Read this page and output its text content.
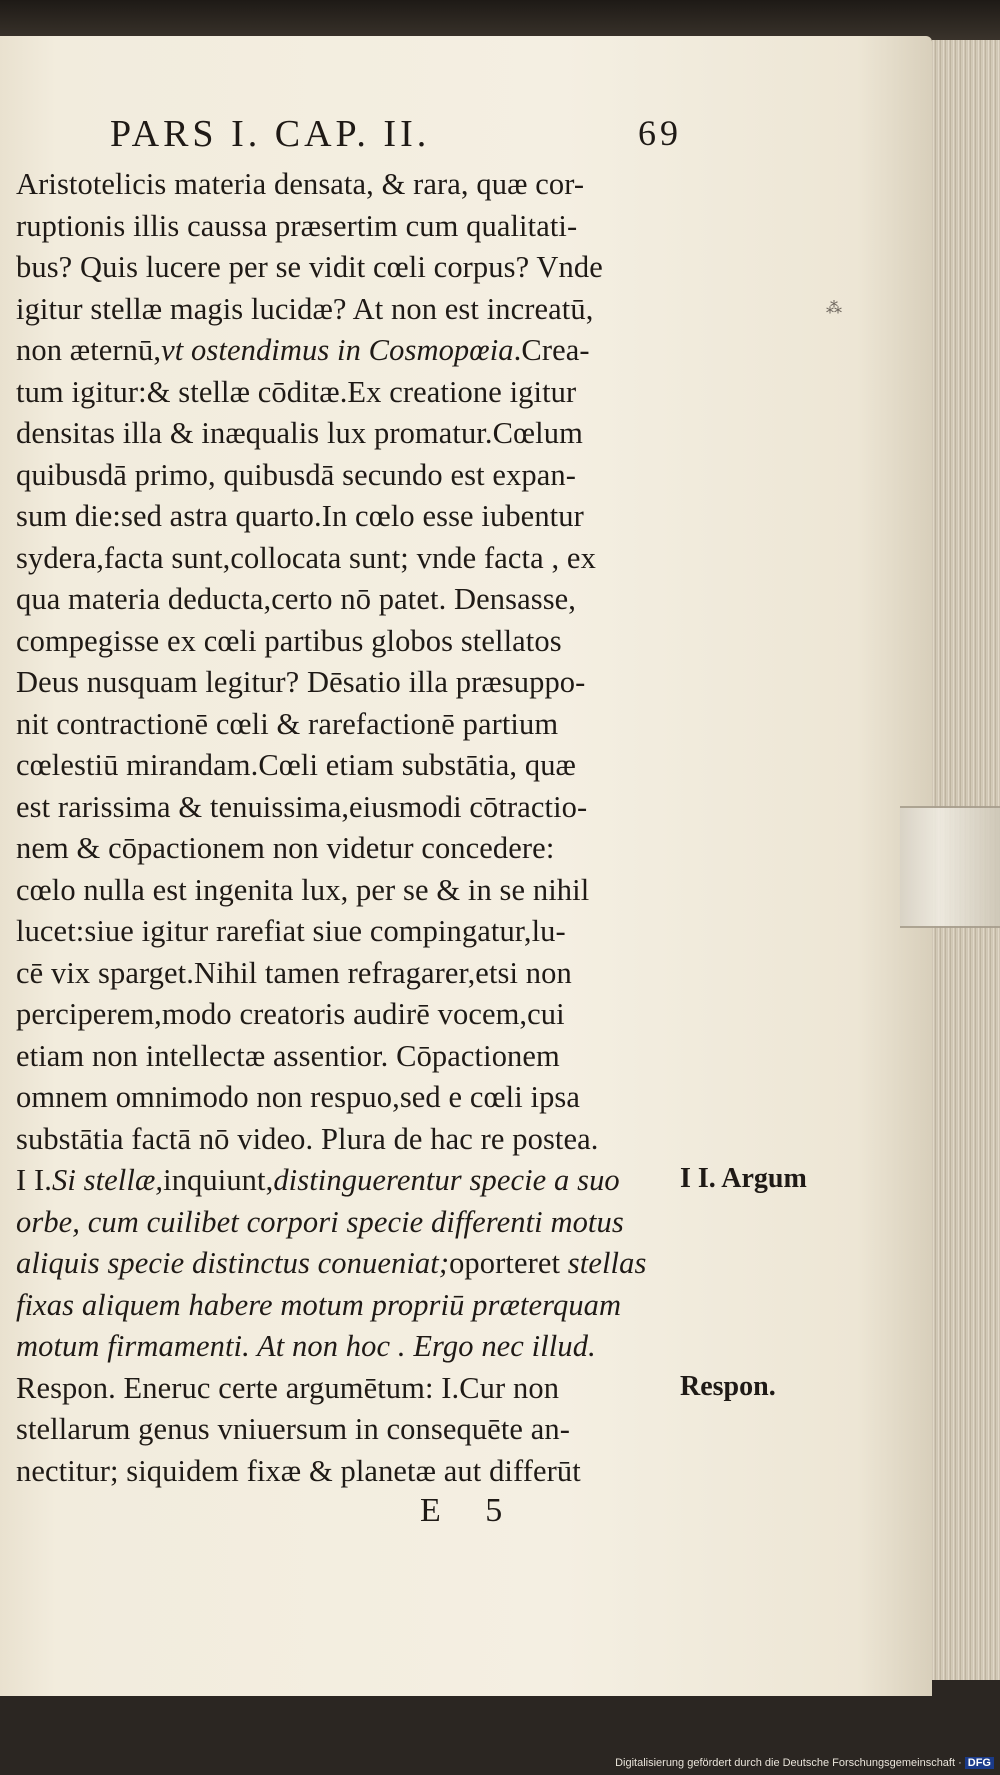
PARS I. CAP. II.	69
Aristotelicis materia densata, & rara, quæ cor-
ruptionis illis caussa præsertim cum qualitati-
bus? Quis lucere per se vidit cœli corpus? Vnde
igitur stellæ magis lucidæ? At non est increatū,
non æternū,vt ostendimus in Cosmopœia.Crea-
tum igitur:& stellæ cōditæ.Ex creatione igitur
densitas illa & inæqualis lux promatur.Cœlum
quibusdā primo, quibusdā secundo est expan-
sum die:sed astra quarto.In cœlo esse iubentur
sydera,facta sunt,collocata sunt; vnde facta , ex
qua materia deducta,certo nō patet. Densasse,
compegisse ex cœli partibus globos stellatos
Deus nusquam legitur? Dēsatio illa præsuppo-
nit contractionē cœli & rarefactionē partium
cœlestiū mirandam.Cœli etiam substātia, quæ
est rarissima & tenuissima,eiusmodi cōtractio-
nem & cōpactionem non videtur concedere:
cœlo nulla est ingenita lux, per se & in se nihil
lucet:siue igitur rarefiat siue compingatur,lu-
cē vix sparget.Nihil tamen refragarer,etsi non
perciperem,modo creatoris audirē vocem,cui
etiam non intellectæ assentior. Cōpactionem
omnem omnimodo non respuo,sed e cœli ipsa
substātia factā nō video. Plura de hac re postea.
I I.Si stellæ,inquiunt,distinguerentur specie a suo
orbe, cum cuilibet corpori specie differenti motus
aliquis specie distinctus conueniat;oporteret stellas
fixas aliquem habere motum propriū præterquam
motum firmamenti. At non hoc . Ergo nec illud.
Respon. Eneruc certe argumētum: I.Cur non
stellarum genus vniuersum in consequēte an-
nectitur; siquidem fixæ & planetæ aut differūt
⁂
I I. Argum
Respon.
E 5
Digitalisierung gefördert durch die Deutsche Forschungsgemeinschaft · DFG
